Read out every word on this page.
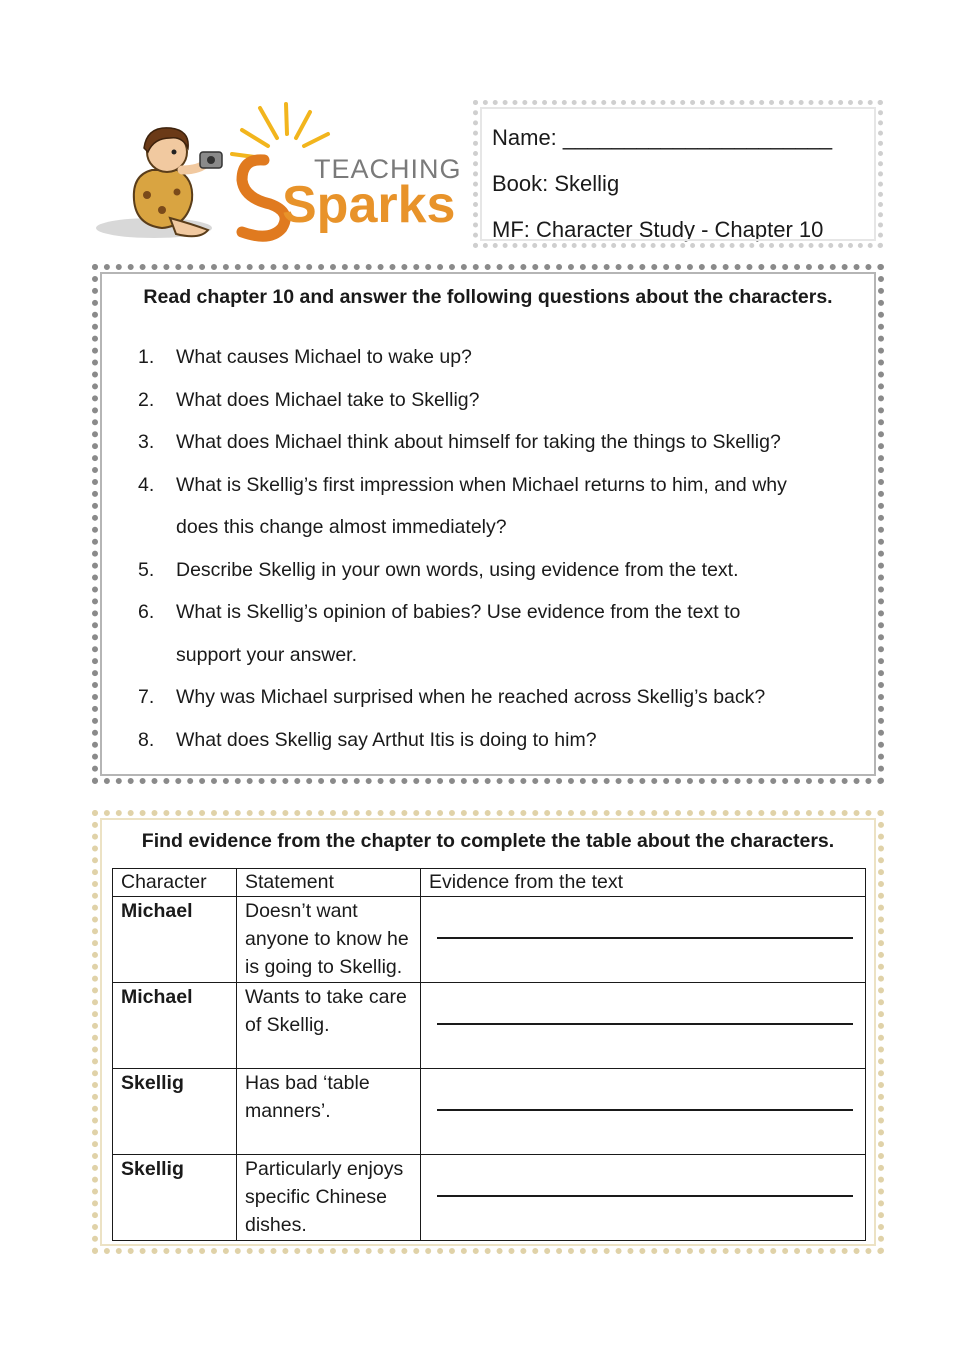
TEACHING
Sparks
Name: ______________________
Book: Skellig
MF: Character Study - Chapter 10
Read chapter 10 and answer the following questions about the characters.
1.	What causes Michael to wake up?
2.	What does Michael take to Skellig?
3.	What does Michael think about himself for taking the things to Skellig?
4.	What is Skellig’s first impression when Michael returns to him, and why
does this change almost immediately?
5.	Describe Skellig in your own words, using evidence from the text.
6.	What is Skellig’s opinion of babies? Use evidence from the text to
support your answer.
7.	Why was Michael surprised when he reached across Skellig’s back?
8.	What does Skellig say Arthut Itis is doing to him?
Find evidence from the chapter to complete the table about the characters.
Character	Statement	Evidence from the text
Michael	Doesn’t want anyone to know he is going to Skellig.	

Michael	Wants to take care of Skellig.	

Skellig	Has bad ‘table manners’.	

Skellig	Particularly enjoys specific Chinese dishes.	
